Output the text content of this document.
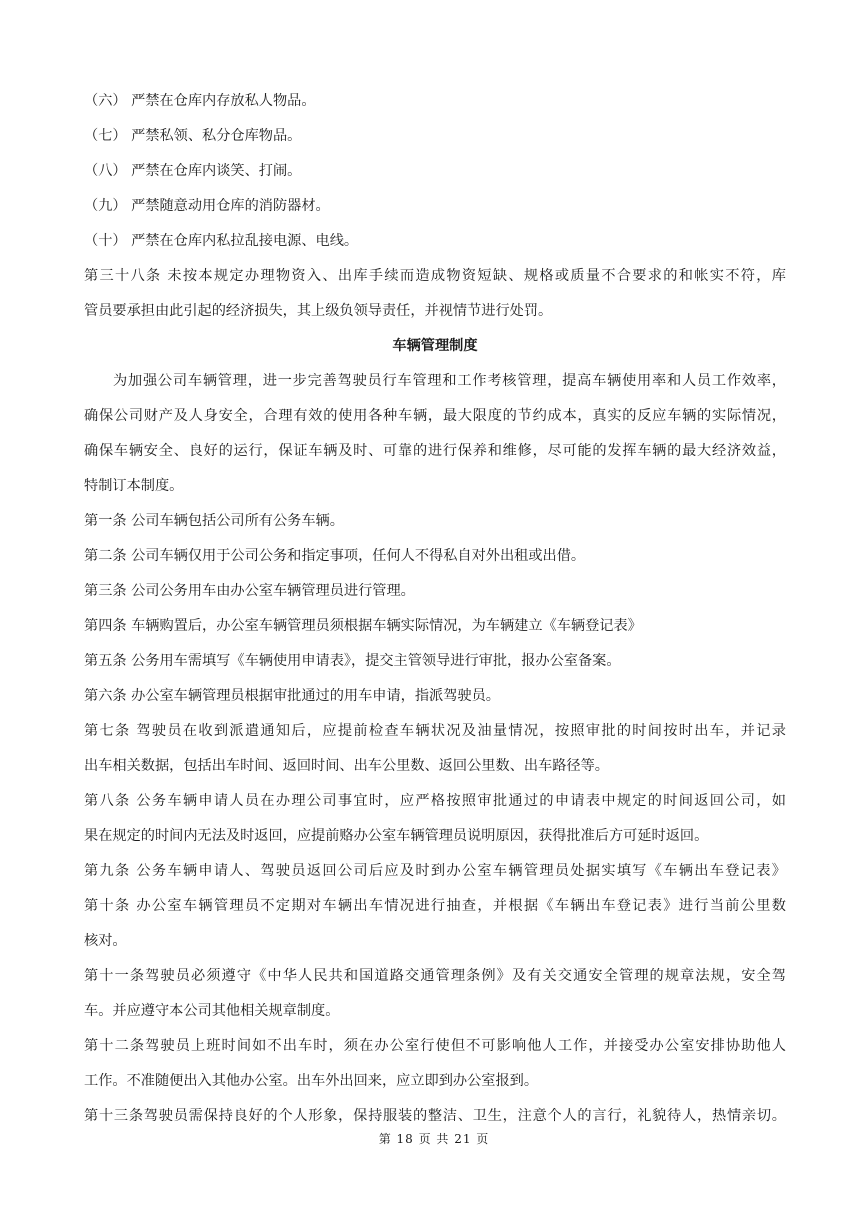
（六） 严禁在仓库内存放私人物品。
（七） 严禁私领、私分仓库物品。
（八） 严禁在仓库内谈笑、打闹。
（九） 严禁随意动用仓库的消防器材。
（十） 严禁在仓库内私拉乱接电源、电线。
第三十八条 未按本规定办理物资入、出库手续而造成物资短缺、规格或质量不合要求的和帐实不符，库
管员要承担由此引起的经济损失，其上级负领导责任，并视情节进行处罚。
车辆管理制度
为加强公司车辆管理，进一步完善驾驶员行车管理和工作考核管理，提高车辆使用率和人员工作效率，
确保公司财产及人身安全，合理有效的使用各种车辆，最大限度的节约成本，真实的反应车辆的实际情况，
确保车辆安全、良好的运行，保证车辆及时、可靠的进行保养和维修，尽可能的发挥车辆的最大经济效益，
特制订本制度。
第一条 公司车辆包括公司所有公务车辆。
第二条 公司车辆仅用于公司公务和指定事项，任何人不得私自对外出租或出借。
第三条 公司公务用车由办公室车辆管理员进行管理。
第四条 车辆购置后，办公室车辆管理员须根据车辆实际情况，为车辆建立《车辆登记表》
第五条 公务用车需填写《车辆使用申请表》，提交主管领导进行审批，报办公室备案。
第六条 办公室车辆管理员根据审批通过的用车申请，指派驾驶员。
第七条 驾驶员在收到派遣通知后，应提前检查车辆状况及油量情况，按照审批的时间按时出车，并记录
出车相关数据，包括出车时间、返回时间、出车公里数、返回公里数、出车路径等。
第八条 公务车辆申请人员在办理公司事宜时，应严格按照审批通过的申请表中规定的时间返回公司，如
果在规定的时间内无法及时返回，应提前赂办公室车辆管理员说明原因，获得批准后方可延时返回。
第九条 公务车辆申请人、驾驶员返回公司后应及时到办公室车辆管理员处据实填写《车辆出车登记表》
第十条 办公室车辆管理员不定期对车辆出车情况进行抽查，并根据《车辆出车登记表》进行当前公里数
核对。
第十一条驾驶员必须遵守《中华人民共和国道路交通管理条例》及有关交通安全管理的规章法规，安全驾
车。并应遵守本公司其他相关规章制度。
第十二条驾驶员上班时间如不出车时，须在办公室行使但不可影响他人工作，并接受办公室安排协助他人
工作。不准随便出入其他办公室。出车外出回来，应立即到办公室报到。
第十三条驾驶员需保持良好的个人形象，保持服装的整洁、卫生，注意个人的言行，礼貌待人，热情亲切。
第 18 页 共 21 页
